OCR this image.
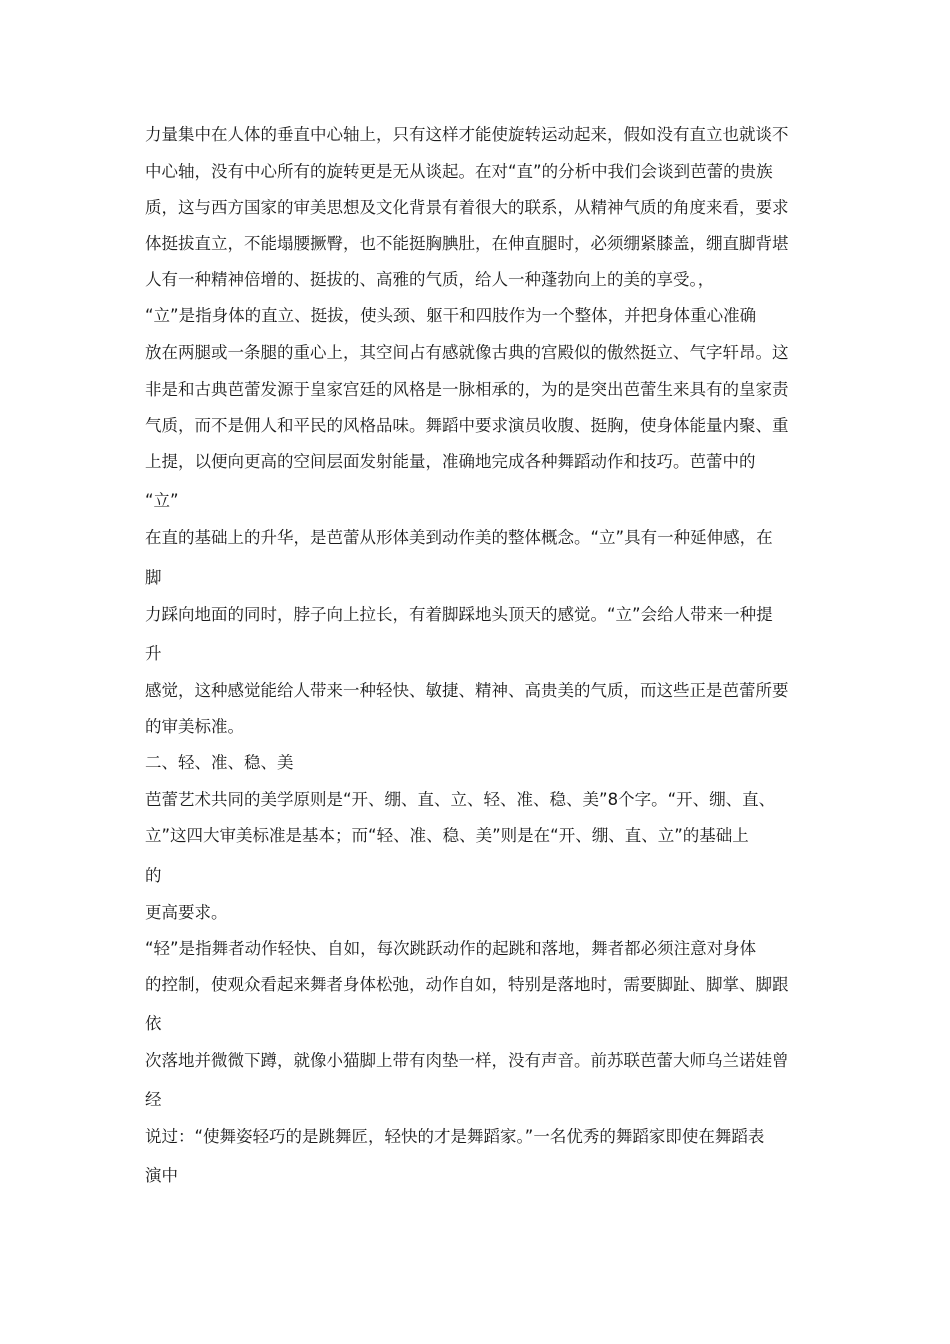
力量集中在人体的垂直中心轴上，只有这样才能使旋转运动起来，假如没有直立也就谈不
中心轴，没有中心所有的旋转更是无从谈起。在对“直”的分析中我们会谈到芭蕾的贵族
质，这与西方国家的审美思想及文化背景有着很大的联系，从精神气质的角度来看，要求
体挺拔直立，不能塌腰撅臀，也不能挺胸腆肚，在伸直腿时，必须绷紧膝盖，绷直脚背堪
人有一种精神倍增的、挺拔的、高雅的气质，给人一种蓬勃向上的美的享受。，
“立”是指身体的直立、挺拔，使头颈、躯干和四肢作为一个整体，并把身体重心准确
放在两腿或一条腿的重心上，其空间占有感就像古典的宫殿似的傲然挺立、气字轩昂。这
非是和古典芭蕾发源于皇家宫廷的风格是一脉相承的，为的是突出芭蕾生来具有的皇家责
气质，而不是佣人和平民的风格品味。舞蹈中要求演员收腹、挺胸，使身体能量内聚、重
上提，以便向更高的空间层面发射能量，准确地完成各种舞蹈动作和技巧。芭蕾中的
“立”
在直的基础上的升华，是芭蕾从形体美到动作美的整体概念。“立”具有一种延伸感，在
脚
力踩向地面的同时，脖子向上拉长，有着脚踩地头顶天的感觉。“立”会给人带来一种提
升
感觉，这种感觉能给人带来一种轻快、敏捷、精神、高贵美的气质，而这些正是芭蕾所要
的审美标准。
二、轻、准、稳、美
芭蕾艺术共同的美学原则是“开、绷、直、立、轻、准、稳、美”8个字。“开、绷、直、
立”这四大审美标准是基本；而“轻、准、稳、美”则是在“开、绷、直、立”的基础上
的
更高要求。
“轻”是指舞者动作轻快、自如，每次跳跃动作的起跳和落地，舞者都必须注意对身体
的控制，使观众看起来舞者身体松弛，动作自如，特别是落地时，需要脚趾、脚掌、脚跟
依
次落地并微微下蹲，就像小猫脚上带有肉垫一样，没有声音。前苏联芭蕾大师乌兰诺娃曾
经
说过：“使舞姿轻巧的是跳舞匠，轻快的才是舞蹈家。”一名优秀的舞蹈家即使在舞蹈表
演中
